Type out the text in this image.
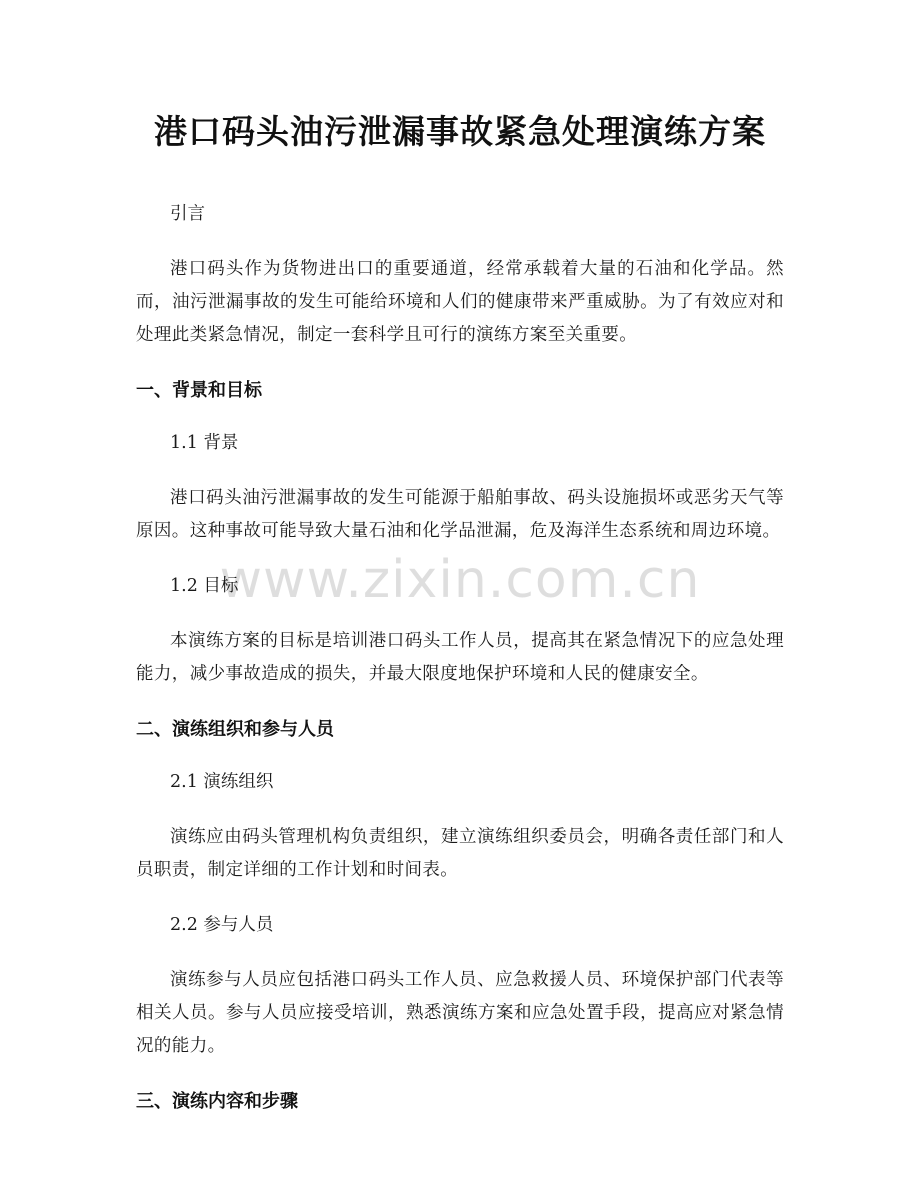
港口码头油污泄漏事故紧急处理演练方案

引言

港口码头作为货物进出口的重要通道，经常承载着大量的石油和化学品。然而，油污泄漏事故的发生可能给环境和人们的健康带来严重威胁。为了有效应对和处理此类紧急情况，制定一套科学且可行的演练方案至关重要。

一、背景和目标

1.1 背景

港口码头油污泄漏事故的发生可能源于船舶事故、码头设施损坏或恶劣天气等原因。这种事故可能导致大量石油和化学品泄漏，危及海洋生态系统和周边环境。

1.2 目标

本演练方案的目标是培训港口码头工作人员，提高其在紧急情况下的应急处理能力，减少事故造成的损失，并最大限度地保护环境和人民的健康安全。

二、演练组织和参与人员

2.1 演练组织

演练应由码头管理机构负责组织，建立演练组织委员会，明确各责任部门和人员职责，制定详细的工作计划和时间表。

2.2 参与人员

演练参与人员应包括港口码头工作人员、应急救援人员、环境保护部门代表等相关人员。参与人员应接受培训，熟悉演练方案和应急处置手段，提高应对紧急情况的能力。

三、演练内容和步骤
www.zixin.com.cn
